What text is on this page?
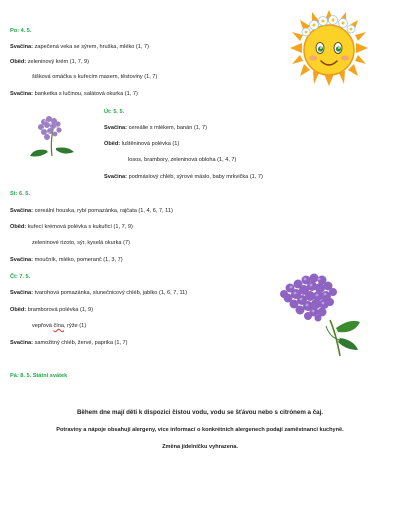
Po: 4. 5.
Svačina: zapečená veka se sýrem, hruška, mléko (1, 7)
Oběd: zeleninový krém (1, 7, 9)
šišková omáčka s kuřecím masem, těstoviny (1, 7)
Svačina: banketka s lučinou, salátová okurka (1, 7)
Út: 5. 5.
Svačina: cereálie s mlékem, banán (1, 7)
Oběd: luštěninová polévka (1)
losos, brambory, zeleninová obloha (1, 4, 7)
Svačina: podmáslový chléb, sýrové máslo, baby mrkvička (1, 7)
St: 6. 5.
Svačina: cereální houska, rybí pomazánka, rajčata (1, 4, 6, 7, 11)
Oběd: kuřecí krémová polévka s kukuřicí (1, 7, 9)
zeleninové rizoto, sýr, kyselá okurka (7)
Svačina: moučník, mléko, pomeranč (1, 3, 7)
Čt: 7. 5.
Svačina: tvarohová pomazánka, slunečnicový chléb, jablko (1, 6, 7, 11)
Oběd: bramborová polévka (1, 9)
vepřová čína, rýže (1)
Svačina: samožitný chléb, žervé, paprika (1, 7)
Pá: 8. 5. Státní svátek
Během dne mají děti k dispozici čistou vodu, vodu se šťávou nebo s citrónem a čaj.
Potraviny a nápoje obsahují alergeny, více informací o konkrétních alergenech podají zaměstnanci kuchyně.
Změna jídelníčku vyhrazena.
